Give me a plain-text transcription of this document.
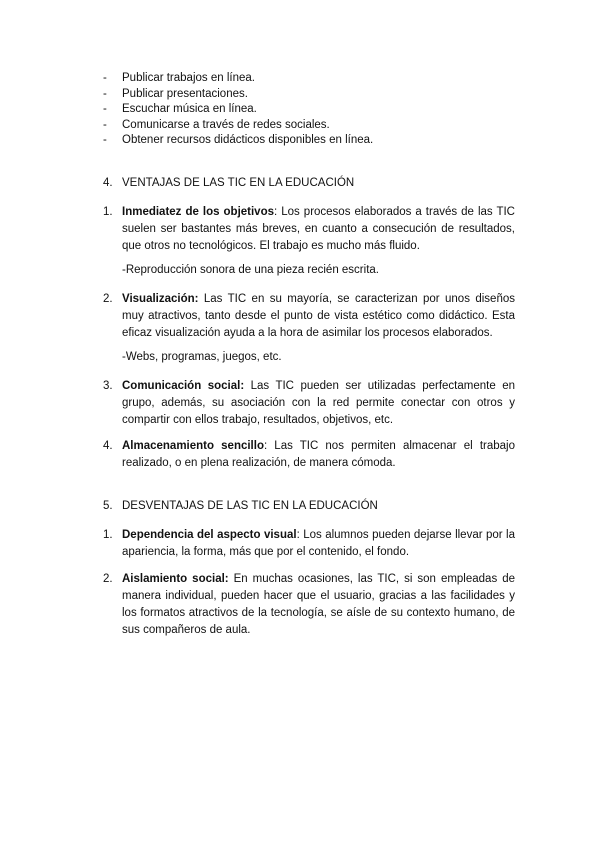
- Publicar trabajos en línea.
- Publicar presentaciones.
- Escuchar música en línea.
- Comunicarse a través de redes sociales.
- Obtener recursos didácticos disponibles en línea.
4. VENTAJAS DE LAS TIC EN LA EDUCACIÓN
1. Inmediatez de los objetivos: Los procesos elaborados a través de las TIC suelen ser bastantes más breves, en cuanto a consecución de resultados, que otros no tecnológicos. El trabajo es mucho más fluido.
-Reproducción sonora de una pieza recién escrita.
2. Visualización: Las TIC en su mayoría, se caracterizan por unos diseños muy atractivos, tanto desde el punto de vista estético como didáctico. Esta eficaz visualización ayuda a la hora de asimilar los procesos elaborados.
-Webs, programas, juegos, etc.
3. Comunicación social: Las TIC pueden ser utilizadas perfectamente en grupo, además, su asociación con la red permite conectar con otros y compartir con ellos trabajo, resultados, objetivos, etc.
4. Almacenamiento sencillo: Las TIC nos permiten almacenar el trabajo realizado, o en plena realización, de manera cómoda.
5. DESVENTAJAS DE LAS TIC EN LA EDUCACIÓN
1. Dependencia del aspecto visual: Los alumnos pueden dejarse llevar por la apariencia, la forma, más que por el contenido, el fondo.
2. Aislamiento social: En muchas ocasiones, las TIC, si son empleadas de manera individual, pueden hacer que el usuario, gracias a las facilidades y los formatos atractivos de la tecnología, se aísle de su contexto humano, de sus compañeros de aula.
